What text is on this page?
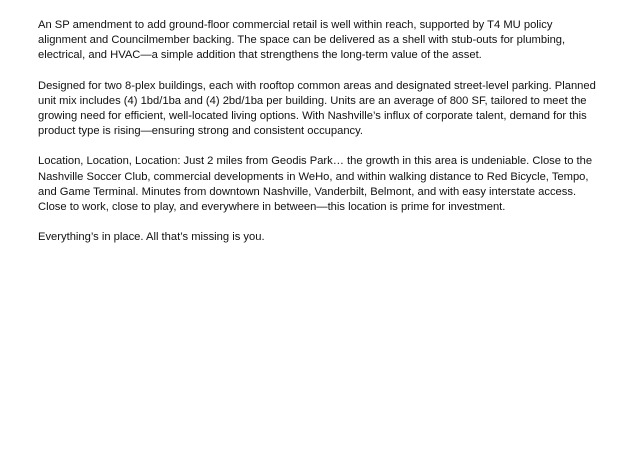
An SP amendment to add ground-floor commercial retail is well within reach, supported by T4 MU policy alignment and Councilmember backing. The space can be delivered as a shell with stub-outs for plumbing, electrical, and HVAC—a simple addition that strengthens the long-term value of the asset.

Designed for two 8-plex buildings, each with rooftop common areas and designated street-level parking. Planned unit mix includes (4) 1bd/1ba and (4) 2bd/1ba per building. Units are an average of 800 SF, tailored to meet the growing need for efficient, well-located living options. With Nashville’s influx of corporate talent, demand for this product type is rising—ensuring strong and consistent occupancy.

Location, Location, Location: Just 2 miles from Geodis Park… the growth in this area is undeniable. Close to the Nashville Soccer Club, commercial developments in WeHo, and within walking distance to Red Bicycle, Tempo, and Game Terminal. Minutes from downtown Nashville, Vanderbilt, Belmont, and with easy interstate access. Close to work, close to play, and everywhere in between—this location is prime for investment.

Everything’s in place. All that’s missing is you.
